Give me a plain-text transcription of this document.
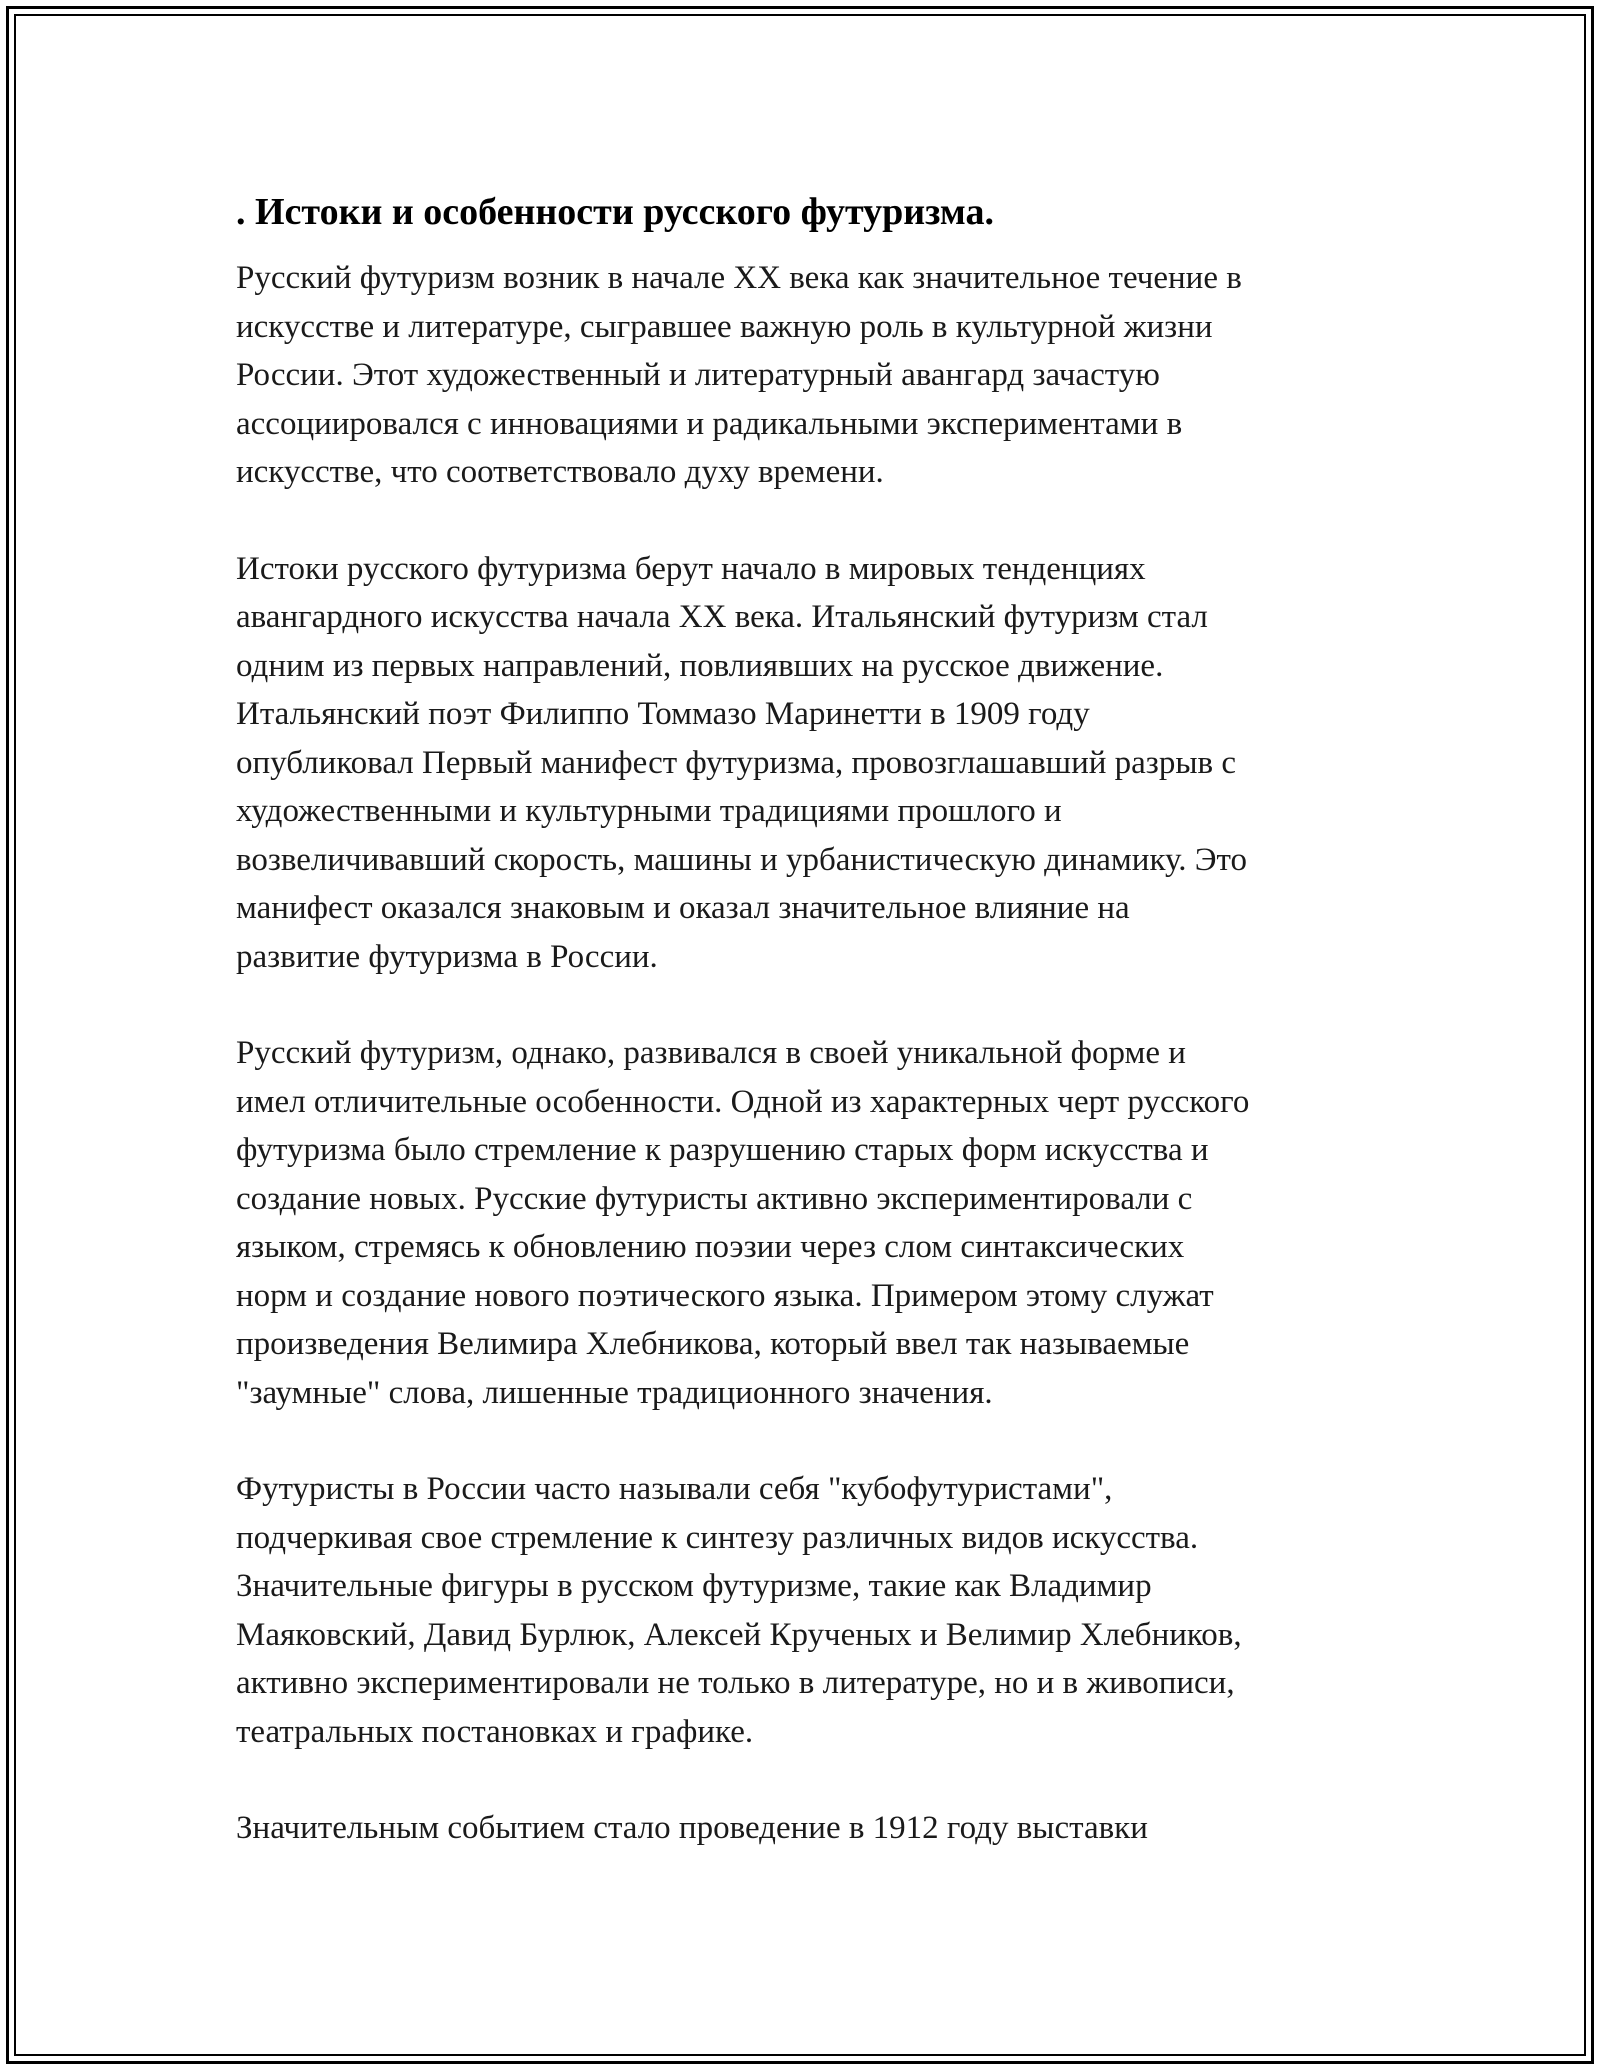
. Истоки и особенности русского футуризма.

Русский футуризм возник в начале XX века как значительное течение в
искусстве и литературе, сыгравшее важную роль в культурной жизни
России. Этот художественный и литературный авангард зачастую
ассоциировался с инновациями и радикальными экспериментами в
искусстве, что соответствовало духу времени.

Истоки русского футуризма берут начало в мировых тенденциях
авангардного искусства начала XX века. Итальянский футуризм стал
одним из первых направлений, повлиявших на русское движение.
Итальянский поэт Филиппо Томмазо Маринетти в 1909 году
опубликовал Первый манифест футуризма, провозглашавший разрыв с
художественными и культурными традициями прошлого и
возвеличивавший скорость, машины и урбанистическую динамику. Это
манифест оказался знаковым и оказал значительное влияние на
развитие футуризма в России.

Русский футуризм, однако, развивался в своей уникальной форме и
имел отличительные особенности. Одной из характерных черт русского
футуризма было стремление к разрушению старых форм искусства и
создание новых. Русские футуристы активно экспериментировали с
языком, стремясь к обновлению поэзии через слом синтаксических
норм и создание нового поэтического языка. Примером этому служат
произведения Велимира Хлебникова, который ввел так называемые
"заумные" слова, лишенные традиционного значения.

Футуристы в России часто называли себя "кубофутуристами",
подчеркивая свое стремление к синтезу различных видов искусства.
Значительные фигуры в русском футуризме, такие как Владимир
Маяковский, Давид Бурлюк, Алексей Крученых и Велимир Хлебников,
активно экспериментировали не только в литературе, но и в живописи,
театральных постановках и графике.

Значительным событием стало проведение в 1912 году выставки
